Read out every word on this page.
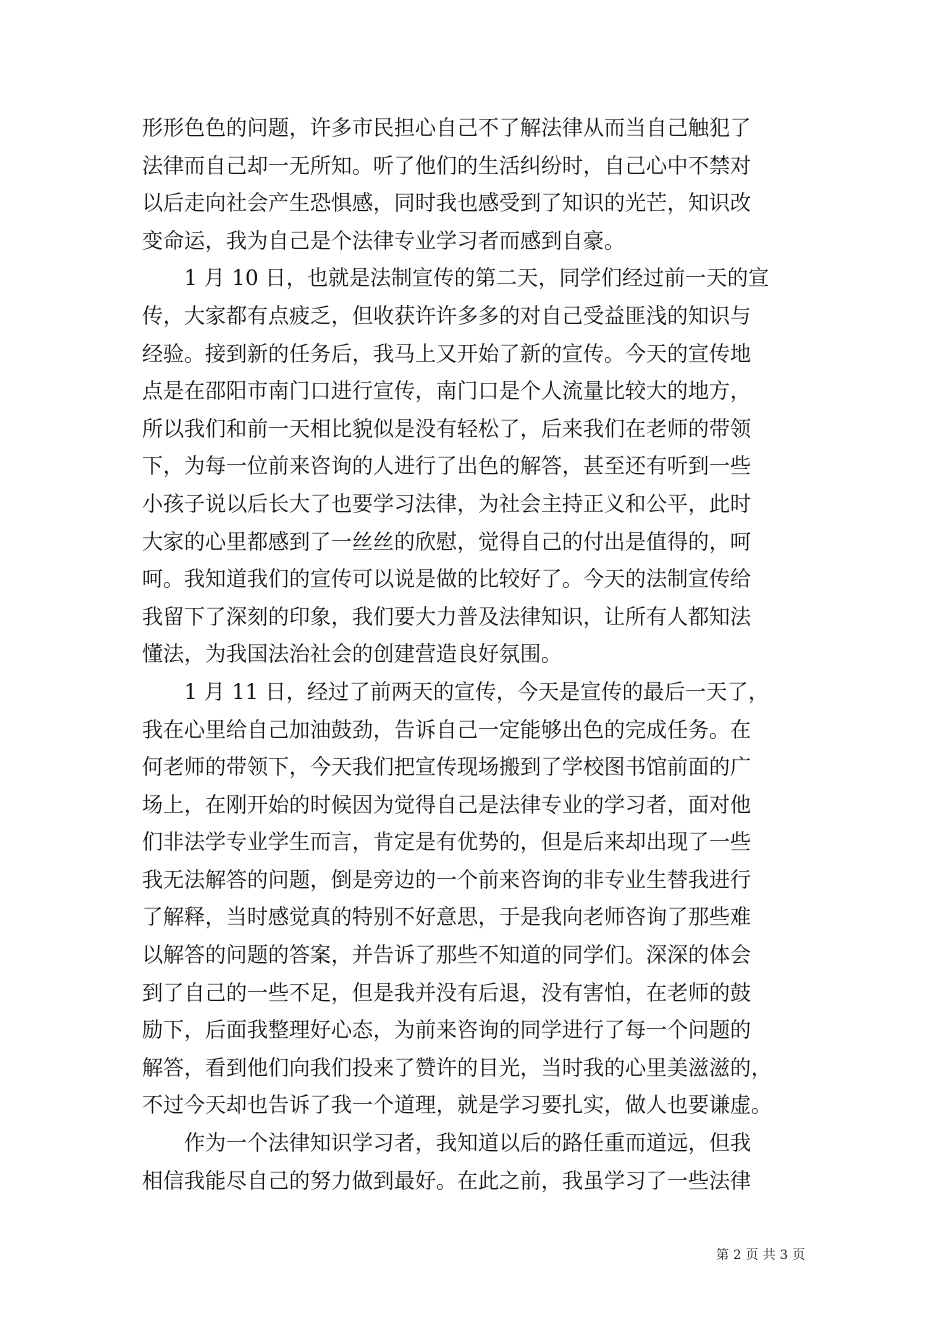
形形色色的问题，许多市民担心自己不了解法律从而当自己触犯了
法律而自己却一无所知。听了他们的生活纠纷时，自己心中不禁对
以后走向社会产生恐惧感，同时我也感受到了知识的光芒，知识改
变命运，我为自己是个法律专业学习者而感到自豪。
1 月 10 日，也就是法制宣传的第二天，同学们经过前一天的宣
传，大家都有点疲乏，但收获许许多多的对自己受益匪浅的知识与
经验。接到新的任务后，我马上又开始了新的宣传。今天的宣传地
点是在邵阳市南门口进行宣传，南门口是个人流量比较大的地方，
所以我们和前一天相比貌似是没有轻松了，后来我们在老师的带领
下，为每一位前来咨询的人进行了出色的解答，甚至还有听到一些
小孩子说以后长大了也要学习法律，为社会主持正义和公平，此时
大家的心里都感到了一丝丝的欣慰，觉得自己的付出是值得的，呵
呵。我知道我们的宣传可以说是做的比较好了。今天的法制宣传给
我留下了深刻的印象，我们要大力普及法律知识，让所有人都知法
懂法，为我国法治社会的创建营造良好氛围。
1 月 11 日，经过了前两天的宣传，今天是宣传的最后一天了，
我在心里给自己加油鼓劲，告诉自己一定能够出色的完成任务。在
何老师的带领下，今天我们把宣传现场搬到了学校图书馆前面的广
场上，在刚开始的时候因为觉得自己是法律专业的学习者，面对他
们非法学专业学生而言，肯定是有优势的，但是后来却出现了一些
我无法解答的问题，倒是旁边的一个前来咨询的非专业生替我进行
了解释，当时感觉真的特别不好意思，于是我向老师咨询了那些难
以解答的问题的答案，并告诉了那些不知道的同学们。深深的体会
到了自己的一些不足，但是我并没有后退，没有害怕，在老师的鼓
励下，后面我整理好心态，为前来咨询的同学进行了每一个问题的
解答，看到他们向我们投来了赞许的目光，当时我的心里美滋滋的，
不过今天却也告诉了我一个道理，就是学习要扎实，做人也要谦虚。
作为一个法律知识学习者，我知道以后的路任重而道远，但我
相信我能尽自己的努力做到最好。在此之前，我虽学习了一些法律
第 2 页 共 3 页
